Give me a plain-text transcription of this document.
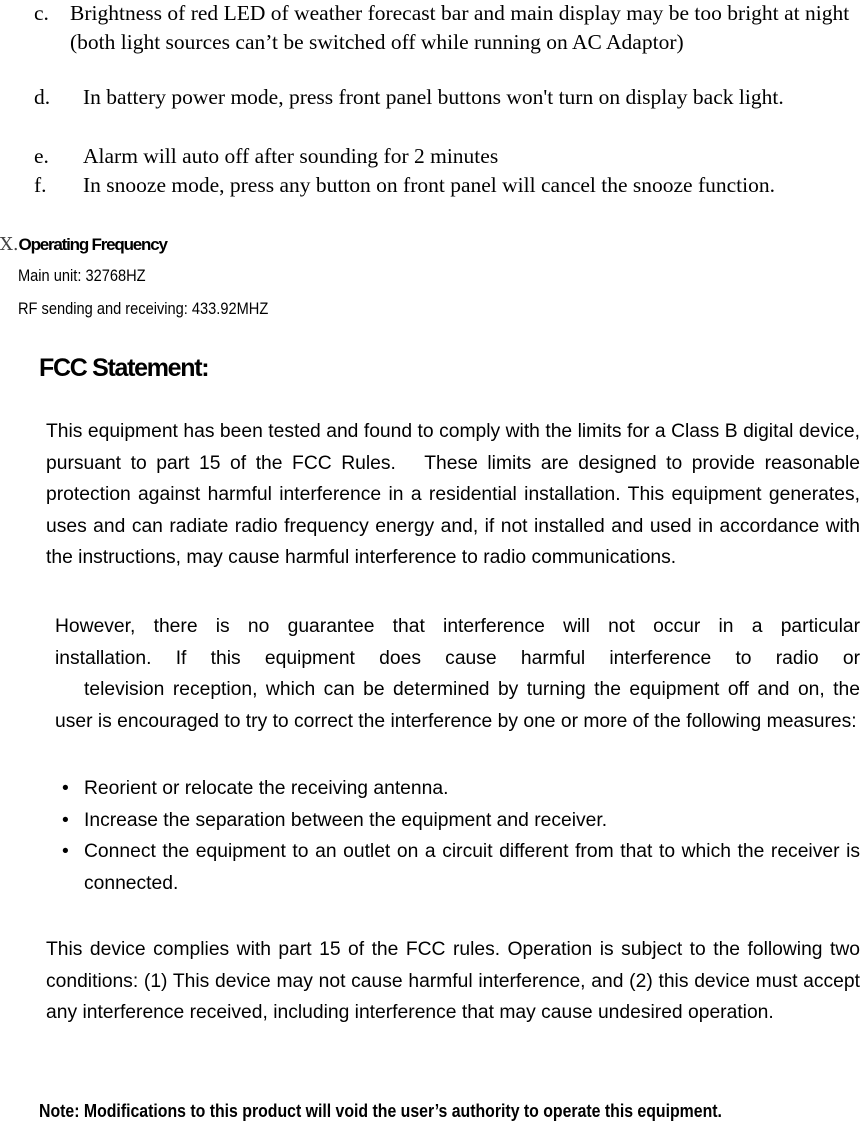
c. Brightness of red LED of weather forecast bar and main display may be too bright at night   (both light sources can’t be switched off while running on AC Adaptor)
d.	In battery power mode, press front panel buttons won't turn on display back light.
e.	Alarm will auto off after sounding for 2 minutes
f.	In snooze mode, press any button on front panel will cancel the snooze function.
Ⅹ.Operating Frequency
Main unit: 32768HZ
RF sending and receiving: 433.92MHZ
FCC Statement:
This equipment has been tested and found to comply with the limits for a Class B digital device, pursuant to part 15 of the FCC Rules.   These limits are designed to provide reasonable protection against harmful interference in a residential installation. This equipment generates, uses and can radiate radio frequency energy and, if not installed and used in accordance with the instructions, may cause harmful interference to radio communications.
However, there is no guarantee that interference will not occur in a particular
installation. If this equipment does cause harmful interference to radio or
television reception, which can be determined by turning the equipment off and on, the user is encouraged to try to correct the interference by one or more of the following measures:
• Reorient or relocate the receiving antenna.
• Increase the separation between the equipment and receiver.
• Connect the equipment to an outlet on a circuit different from that to which the receiver is connected.
This device complies with part 15 of the FCC rules. Operation is subject to the following two conditions: (1) This device may not cause harmful interference, and (2) this device must accept any interference received, including interference that may cause undesired operation.
Note: Modifications to this product will void the user’s authority to operate this equipment.
